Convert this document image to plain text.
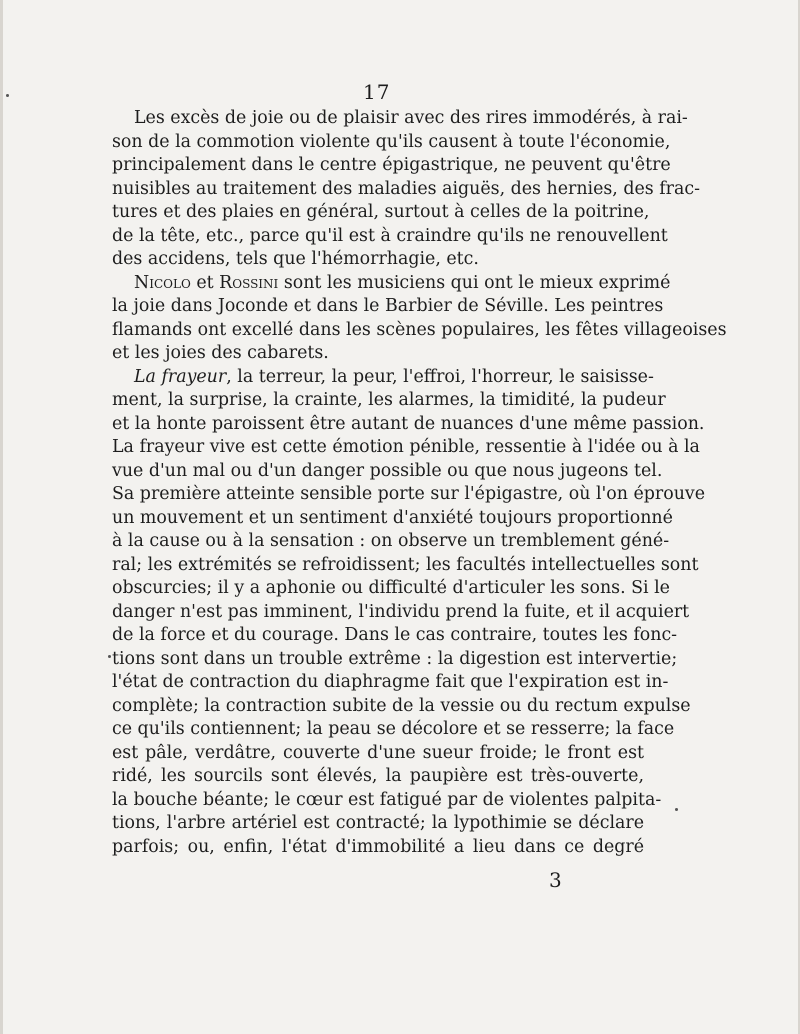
17
Les excès de joie ou de plaisir avec des rires immodérés, à rai-
son de la commotion violente qu'ils causent à toute l'économie,
principalement dans le centre épigastrique, ne peuvent qu'être
nuisibles au traitement des maladies aiguës, des hernies, des frac-
tures et des plaies en général, surtout à celles de la poitrine,
de la tête, etc., parce qu'il est à craindre qu'ils ne renouvellent
des accidens, tels que l'hémorrhagie, etc.
Nicolo et Rossini sont les musiciens qui ont le mieux exprimé
la joie dans Joconde et dans le Barbier de Séville. Les peintres
flamands ont excellé dans les scènes populaires, les fêtes villageoises
et les joies des cabarets.
La frayeur, la terreur, la peur, l'effroi, l'horreur, le saisisse-
ment, la surprise, la crainte, les alarmes, la timidité, la pudeur
et la honte paroissent être autant de nuances d'une même passion.
La frayeur vive est cette émotion pénible, ressentie à l'idée ou à la
vue d'un mal ou d'un danger possible ou que nous jugeons tel.
Sa première atteinte sensible porte sur l'épigastre, où l'on éprouve
un mouvement et un sentiment d'anxiété toujours proportionné
à la cause ou à la sensation : on observe un tremblement géné-
ral; les extrémités se refroidissent; les facultés intellectuelles sont
obscurcies; il y a aphonie ou difficulté d'articuler les sons. Si le
danger n'est pas imminent, l'individu prend la fuite, et il acquiert
de la force et du courage. Dans le cas contraire, toutes les fonc-
tions sont dans un trouble extrême : la digestion est intervertie;
l'état de contraction du diaphragme fait que l'expiration est in-
complète; la contraction subite de la vessie ou du rectum expulse
ce qu'ils contiennent; la peau se décolore et se resserre; la face
est pâle, verdâtre, couverte d'une sueur froide; le front est
ridé, les sourcils sont élevés, la paupière est très-ouverte,
la bouche béante; le cœur est fatigué par de violentes palpita-
tions, l'arbre artériel est contracté; la lypothimie se déclare
parfois; ou, enfin, l'état d'immobilité a lieu dans ce degré
3
